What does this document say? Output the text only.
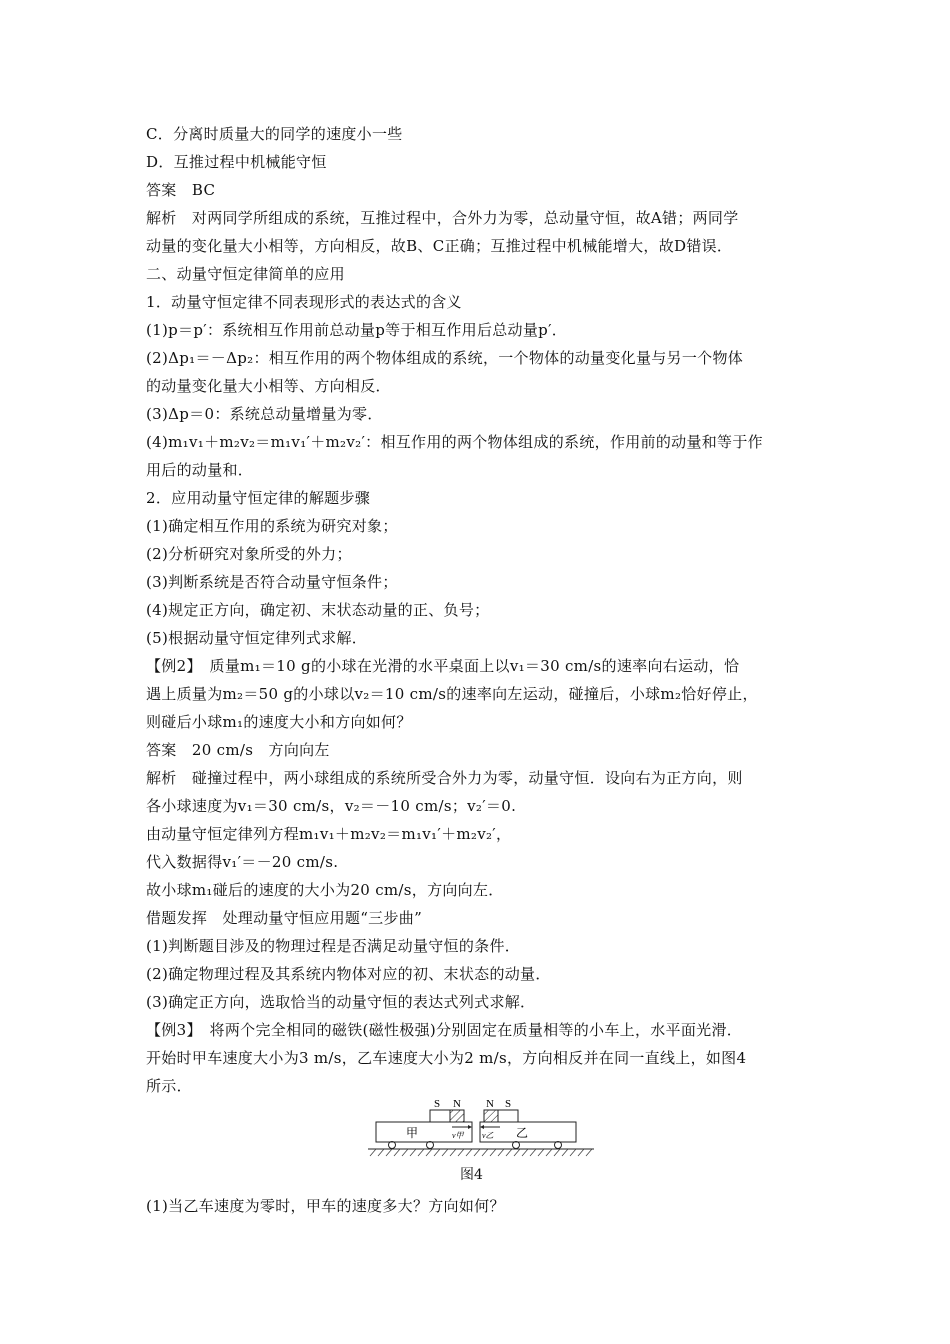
C．分离时质量大的同学的速度小一些
D．互推过程中机械能守恒
答案　BC
解析　对两同学所组成的系统，互推过程中，合外力为零，总动量守恒，故A错；两同学
动量的变化量大小相等，方向相反，故B、C正确；互推过程中机械能增大，故D错误．
二、动量守恒定律简单的应用
1．动量守恒定律不同表现形式的表达式的含义
(1)p＝p′：系统相互作用前总动量p等于相互作用后总动量p′．
(2)Δp₁＝－Δp₂：相互作用的两个物体组成的系统，一个物体的动量变化量与另一个物体
的动量变化量大小相等、方向相反．
(3)Δp＝0：系统总动量增量为零．
(4)m₁v₁＋m₂v₂＝m₁v₁′＋m₂v₂′：相互作用的两个物体组成的系统，作用前的动量和等于作
用后的动量和．
2．应用动量守恒定律的解题步骤
(1)确定相互作用的系统为研究对象；
(2)分析研究对象所受的外力；
(3)判断系统是否符合动量守恒条件；
(4)规定正方向，确定初、末状态动量的正、负号；
(5)根据动量守恒定律列式求解．
【例2】　质量m₁＝10 g的小球在光滑的水平桌面上以v₁＝30 cm/s的速率向右运动，恰
遇上质量为m₂＝50 g的小球以v₂＝10 cm/s的速率向左运动，碰撞后，小球m₂恰好停止，
则碰后小球m₁的速度大小和方向如何？
答案　20 cm/s　方向向左
解析　碰撞过程中，两小球组成的系统所受合外力为零，动量守恒．设向右为正方向，则
各小球速度为v₁＝30 cm/s，v₂＝－10 cm/s；v₂′＝0.
由动量守恒定律列方程m₁v₁＋m₂v₂＝m₁v₁′＋m₂v₂′，
代入数据得v₁′＝－20 cm/s.
故小球m₁碰后的速度的大小为20 cm/s，方向向左．
借题发挥　处理动量守恒应用题“三步曲”
(1)判断题目涉及的物理过程是否满足动量守恒的条件．
(2)确定物理过程及其系统内物体对应的初、末状态的动量．
(3)确定正方向，选取恰当的动量守恒的表达式列式求解．
【例3】　将两个完全相同的磁铁(磁性极强)分别固定在质量相等的小车上，水平面光滑．
开始时甲车速度大小为3 m/s，乙车速度大小为2 m/s，方向相反并在同一直线上，如图4
所示．
S N N S
甲	乙
v甲 v乙
图4
(1)当乙车速度为零时，甲车的速度多大？方向如何？
